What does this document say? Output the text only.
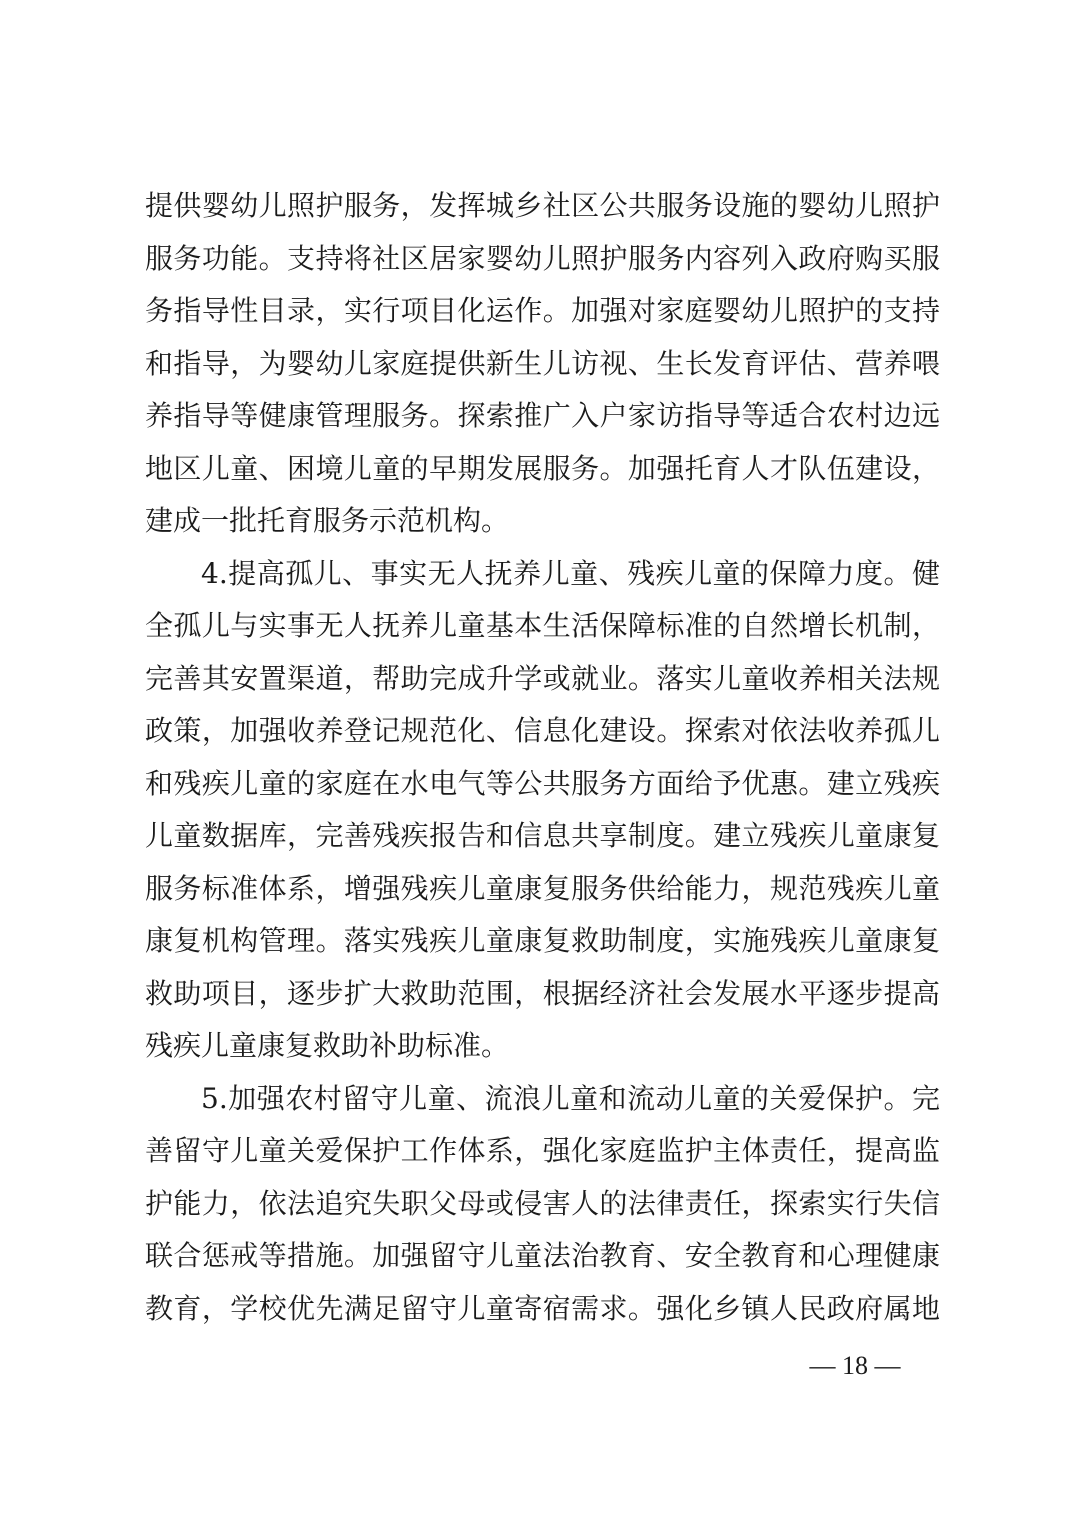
提供婴幼儿照护服务，发挥城乡社区公共服务设施的婴幼儿照护
服务功能。支持将社区居家婴幼儿照护服务内容列入政府购买服
务指导性目录，实行项目化运作。加强对家庭婴幼儿照护的支持
和指导，为婴幼儿家庭提供新生儿访视、生长发育评估、营养喂
养指导等健康管理服务。探索推广入户家访指导等适合农村边远
地区儿童、困境儿童的早期发展服务。加强托育人才队伍建设，
建成一批托育服务示范机构。
4.提高孤儿、事实无人抚养儿童、残疾儿童的保障力度。健
全孤儿与实事无人抚养儿童基本生活保障标准的自然增长机制，
完善其安置渠道，帮助完成升学或就业。落实儿童收养相关法规
政策，加强收养登记规范化、信息化建设。探索对依法收养孤儿
和残疾儿童的家庭在水电气等公共服务方面给予优惠。建立残疾
儿童数据库，完善残疾报告和信息共享制度。建立残疾儿童康复
服务标准体系，增强残疾儿童康复服务供给能力，规范残疾儿童
康复机构管理。落实残疾儿童康复救助制度，实施残疾儿童康复
救助项目，逐步扩大救助范围，根据经济社会发展水平逐步提高
残疾儿童康复救助补助标准。
5.加强农村留守儿童、流浪儿童和流动儿童的关爱保护。完
善留守儿童关爱保护工作体系，强化家庭监护主体责任，提高监
护能力，依法追究失职父母或侵害人的法律责任，探索实行失信
联合惩戒等措施。加强留守儿童法治教育、安全教育和心理健康
教育，学校优先满足留守儿童寄宿需求。强化乡镇人民政府属地
— 18 —
